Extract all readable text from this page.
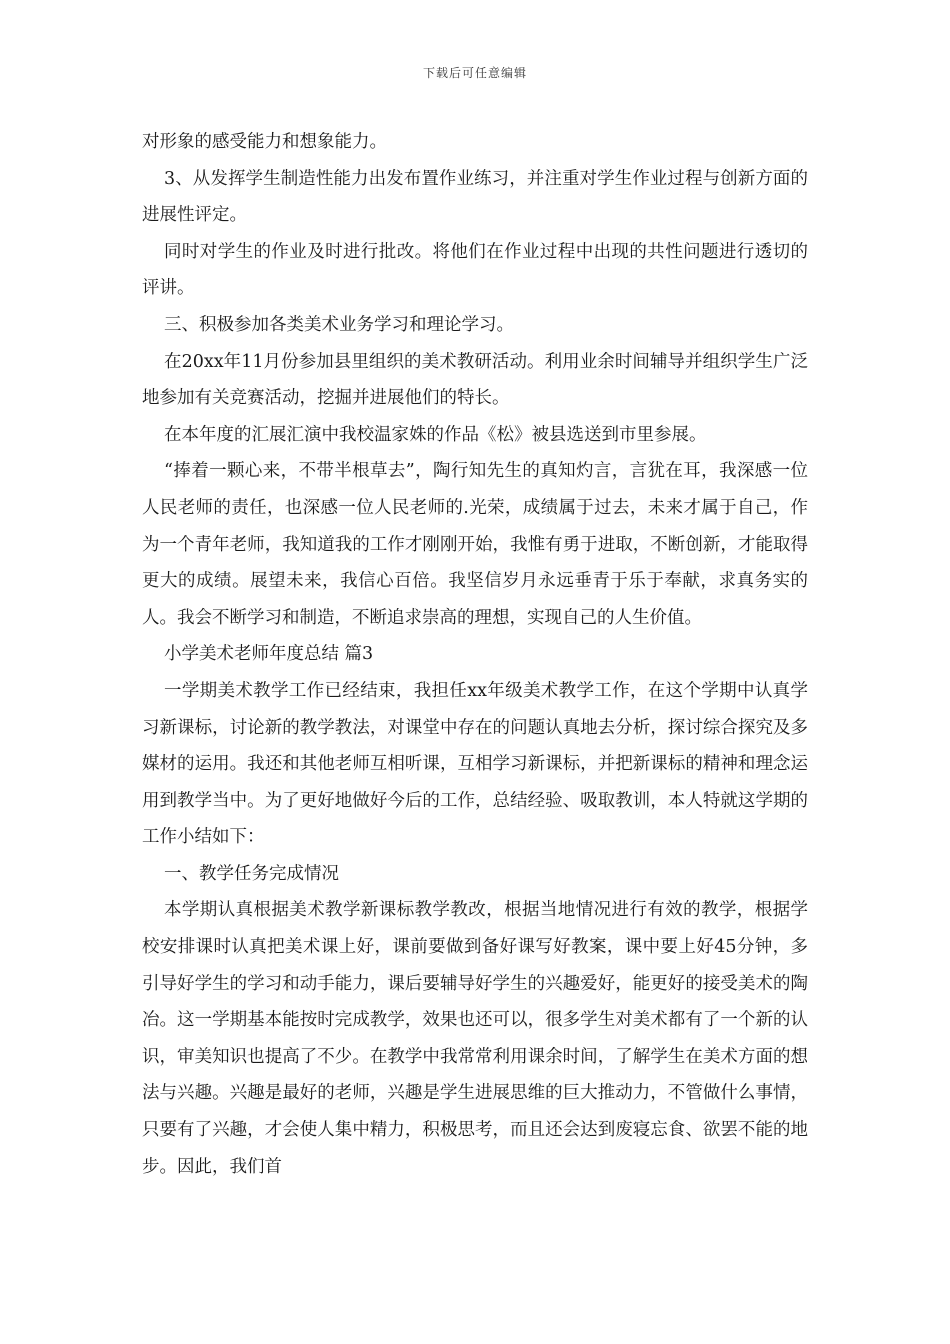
下载后可任意编辑

对形象的感受能力和想象能力。

3、从发挥学生制造性能力出发布置作业练习，并注重对学生作业过程与创新方面的进展性评定。

同时对学生的作业及时进行批改。将他们在作业过程中出现的共性问题进行透切的评讲。

三、积极参加各类美术业务学习和理论学习。

在20xx年11月份参加县里组织的美术教研活动。利用业余时间辅导并组织学生广泛地参加有关竞赛活动，挖掘并进展他们的特长。

在本年度的汇展汇演中我校温家姝的作品《松》被县选送到市里参展。

“捧着一颗心来，不带半根草去”，陶行知先生的真知灼言，言犹在耳，我深感一位人民老师的责任，也深感一位人民老师的.光荣，成绩属于过去，未来才属于自己，作为一个青年老师，我知道我的工作才刚刚开始，我惟有勇于进取，不断创新，才能取得更大的成绩。展望未来，我信心百倍。我坚信岁月永远垂青于乐于奉献，求真务实的人。我会不断学习和制造，不断追求崇高的理想，实现自己的人生价值。

小学美术老师年度总结 篇3

一学期美术教学工作已经结束，我担任xx年级美术教学工作，在这个学期中认真学习新课标，讨论新的教学教法，对课堂中存在的问题认真地去分析，探讨综合探究及多媒材的运用。我还和其他老师互相听课，互相学习新课标，并把新课标的精神和理念运用到教学当中。为了更好地做好今后的工作，总结经验、吸取教训，本人特就这学期的工作小结如下：

一、教学任务完成情况

本学期认真根据美术教学新课标教学教改，根据当地情况进行有效的教学，根据学校安排课时认真把美术课上好，课前要做到备好课写好教案，课中要上好45分钟，多引导好学生的学习和动手能力，课后要辅导好学生的兴趣爱好，能更好的接受美术的陶冶。这一学期基本能按时完成教学，效果也还可以，很多学生对美术都有了一个新的认识，审美知识也提高了不少。在教学中我常常利用课余时间，了解学生在美术方面的想法与兴趣。兴趣是最好的老师，兴趣是学生进展思维的巨大推动力，不管做什么事情，只要有了兴趣，才会使人集中精力，积极思考，而且还会达到废寝忘食、欲罢不能的地步。因此，我们首
